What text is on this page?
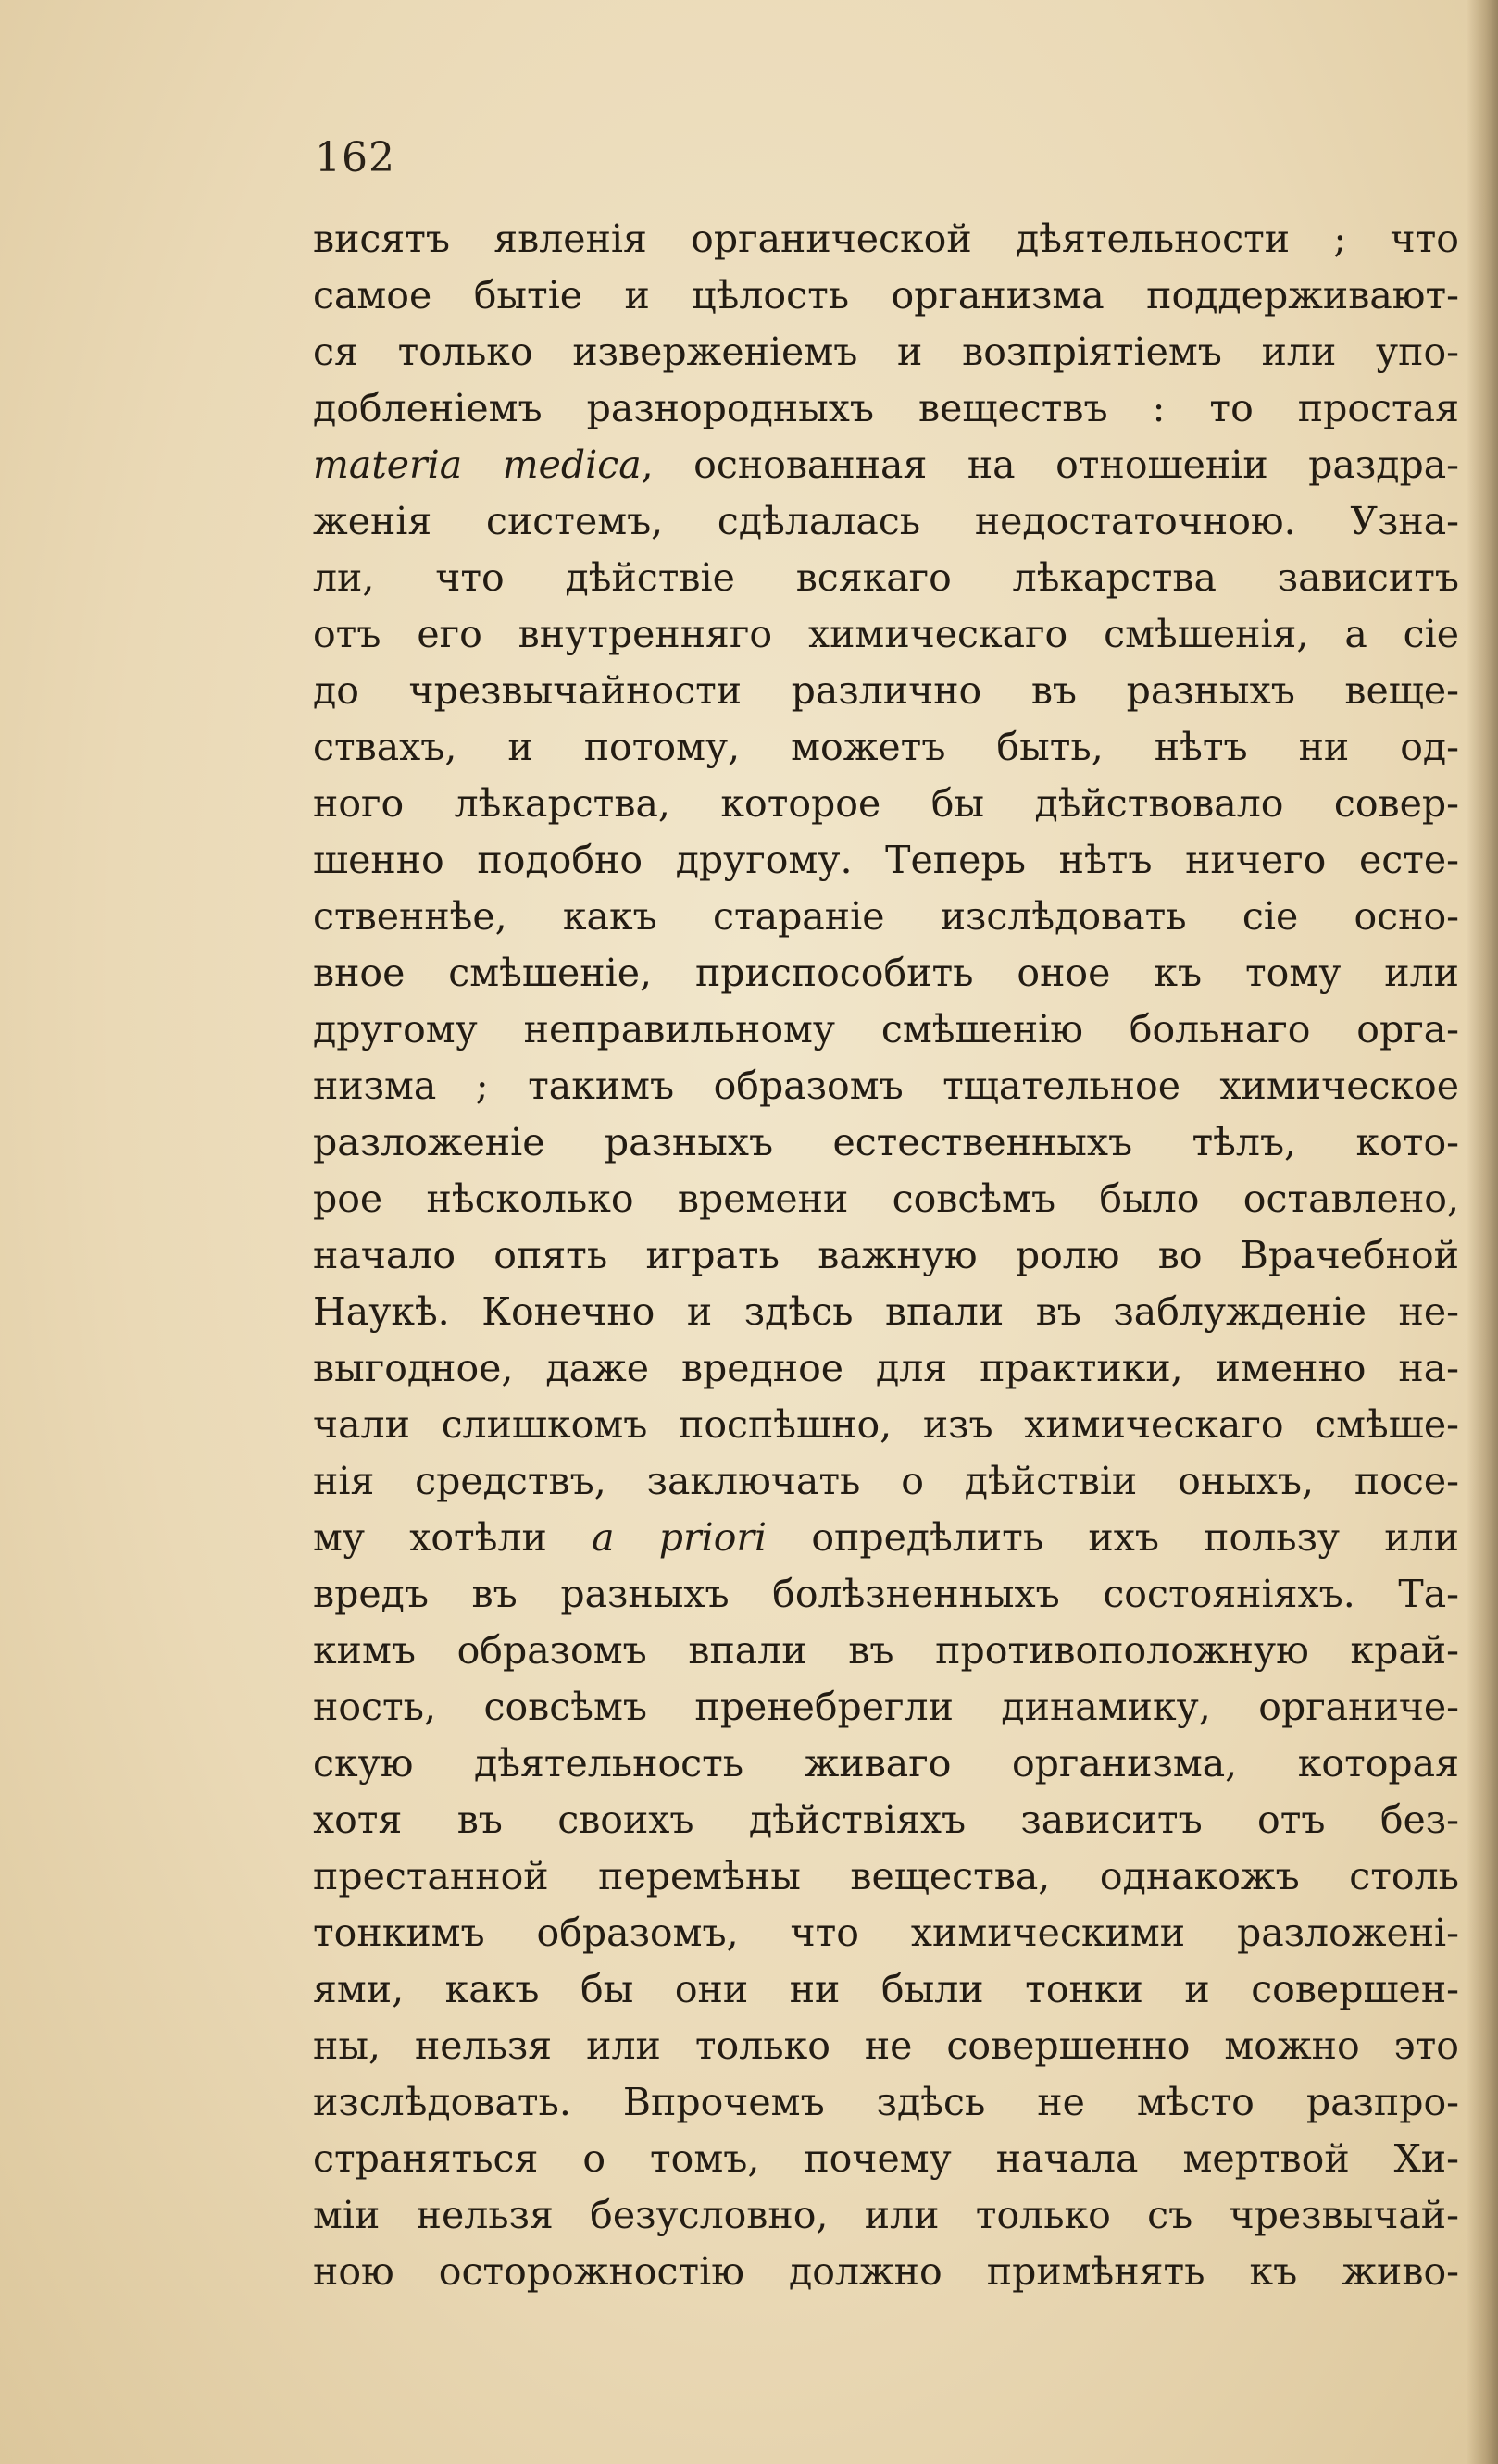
162
висятъ явленія органической дѣятельности ; что
самое бытіе и цѣлость организма поддерживают-
ся только изверженіемъ и возпріятіемъ или упо-
добленіемъ разнородныхъ веществъ : то простая
materia medica, основанная на отношеніи раздра-
женія системъ, сдѣлалась недостаточною. Узна-
ли, что дѣйствіе всякаго лѣкарства зависитъ
отъ его внутренняго химическаго смѣшенія, а сіе
до чрезвычайности различно въ разныхъ веще-
ствахъ, и потому, можетъ быть, нѣтъ ни од-
ного лѣкарства, которое бы дѣйствовало совер-
шенно подобно другому. Теперь нѣтъ ничего есте-
ственнѣе, какъ стараніе изслѣдовать сіе осно-
вное смѣшеніе, приспособить оное къ тому или
другому неправильному смѣшенію больнаго орга-
низма ; такимъ образомъ тщательное химическое
разложеніе разныхъ естественныхъ тѣлъ, кото-
рое нѣсколько времени совсѣмъ было оставлено,
начало опять играть важную ролю во Врачебной
Наукѣ. Конечно и здѣсь впали въ заблужденіе не-
выгодное, даже вредное для практики, именно на-
чали слишкомъ поспѣшно, изъ химическаго смѣше-
нія средствъ, заключать о дѣйствіи оныхъ, посе-
му хотѣли a priori опредѣлить ихъ пользу или
вредъ въ разныхъ болѣзненныхъ состояніяхъ. Та-
кимъ образомъ впали въ противоположную край-
ность, совсѣмъ пренебрегли динамику, органиче-
скую дѣятельность живаго организма, которая
хотя въ своихъ дѣйствіяхъ зависитъ отъ без-
престанной перемѣны вещества, однакожъ столь
тонкимъ образомъ, что химическими разложені-
ями, какъ бы они ни были тонки и совершен-
ны, нельзя или только не совершенно можно это
изслѣдовать. Впрочемъ здѣсь не мѣсто разпро-
страняться о томъ, почему начала мертвой Хи-
міи нельзя безусловно, или только съ чрезвычай-
ною осторожностію должно примѣнять къ живо-
